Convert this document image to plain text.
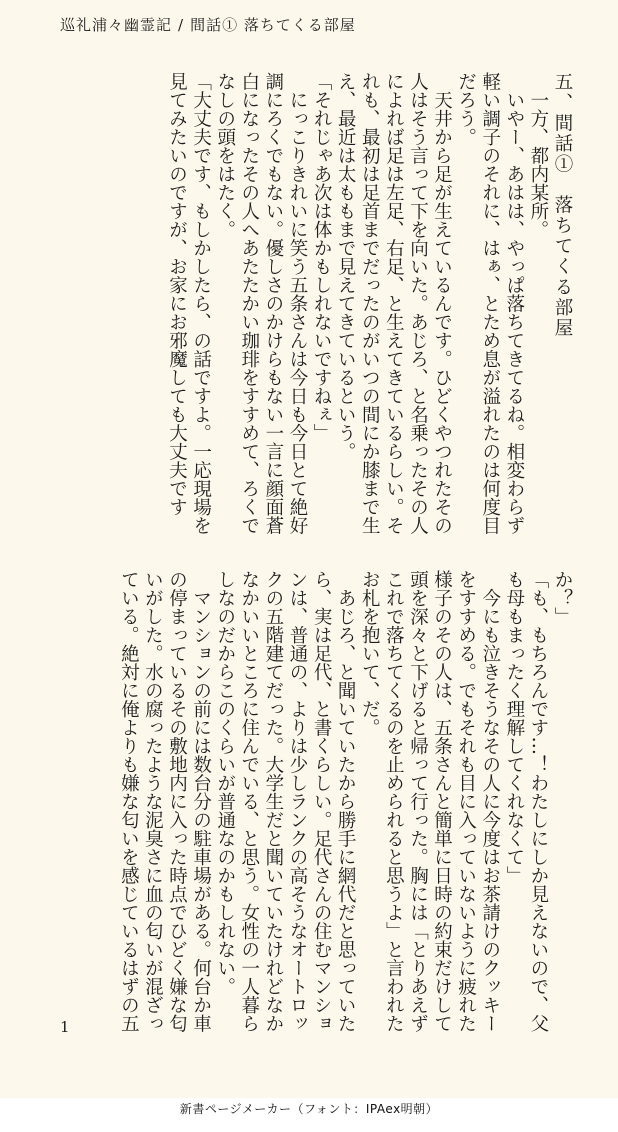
巡礼浦々幽霊記 / 間話① 落ちてくる部屋
五、間話①　落ちてくる部屋
　一方、都内某所。
　いやー、あはは、やっぱ落ちてきてるね。相変わらず
軽い調子のそれに、はぁ、とため息が溢れたのは何度目
だろう。
　天井から足が生えているんです。ひどくやつれたその
人はそう言って下を向いた。あじろ、と名乗ったその人
によれば足は左足、右足、と生えてきているらしい。そ
れも、最初は足首までだったのがいつの間にか膝まで生
え、最近は太ももまで見えてきているという。
「それじゃあ次は体かもしれないですねぇ」
　にっこりきれいに笑う五条さんは今日も今日とて絶好
調にろくでもない。優しさのかけらもない一言に顔面蒼
白になったその人へあたたかい珈琲をすすめて、ろくで
なしの頭をはたく。
「大丈夫です、もしかしたら、の話ですよ。一応現場を
見てみたいのですが、お家にお邪魔しても大丈夫です
か？」
「も、もちろんです…！わたしにしか見えないので、父
も母もまったく理解してくれなくて」
　今にも泣きそうなその人に今度はお茶請けのクッキー
をすすめる。でもそれも目に入っていないように疲れた
様子のその人は、五条さんと簡単に日時の約束だけして
頭を深々と下げると帰って行った。胸には「とりあえず
これで落ちてくるのを止められると思うよ」と言われた
お札を抱いて、だ。
　あじろ、と聞いていたから勝手に網代だと思っていた
ら、実は足代、と書くらしい。足代さんの住むマンショ
ンは、普通の、よりは少しランクの高そうなオートロッ
クの五階建てだった。大学生だと聞いていたけれどなか
なかいいところに住んでいる、と思う。女性の一人暮ら
しなのだからこのくらいが普通なのかもしれない。
　マンションの前には数台分の駐車場がある。何台か車
の停まっているその敷地内に入った時点でひどく嫌な匂
いがした。水の腐ったような泥臭さに血の匂いが混ざっ
ている。絶対に俺よりも嫌な匂いを感じているはずの五
1
新書ページメーカー（フォント：IPAex明朝）
